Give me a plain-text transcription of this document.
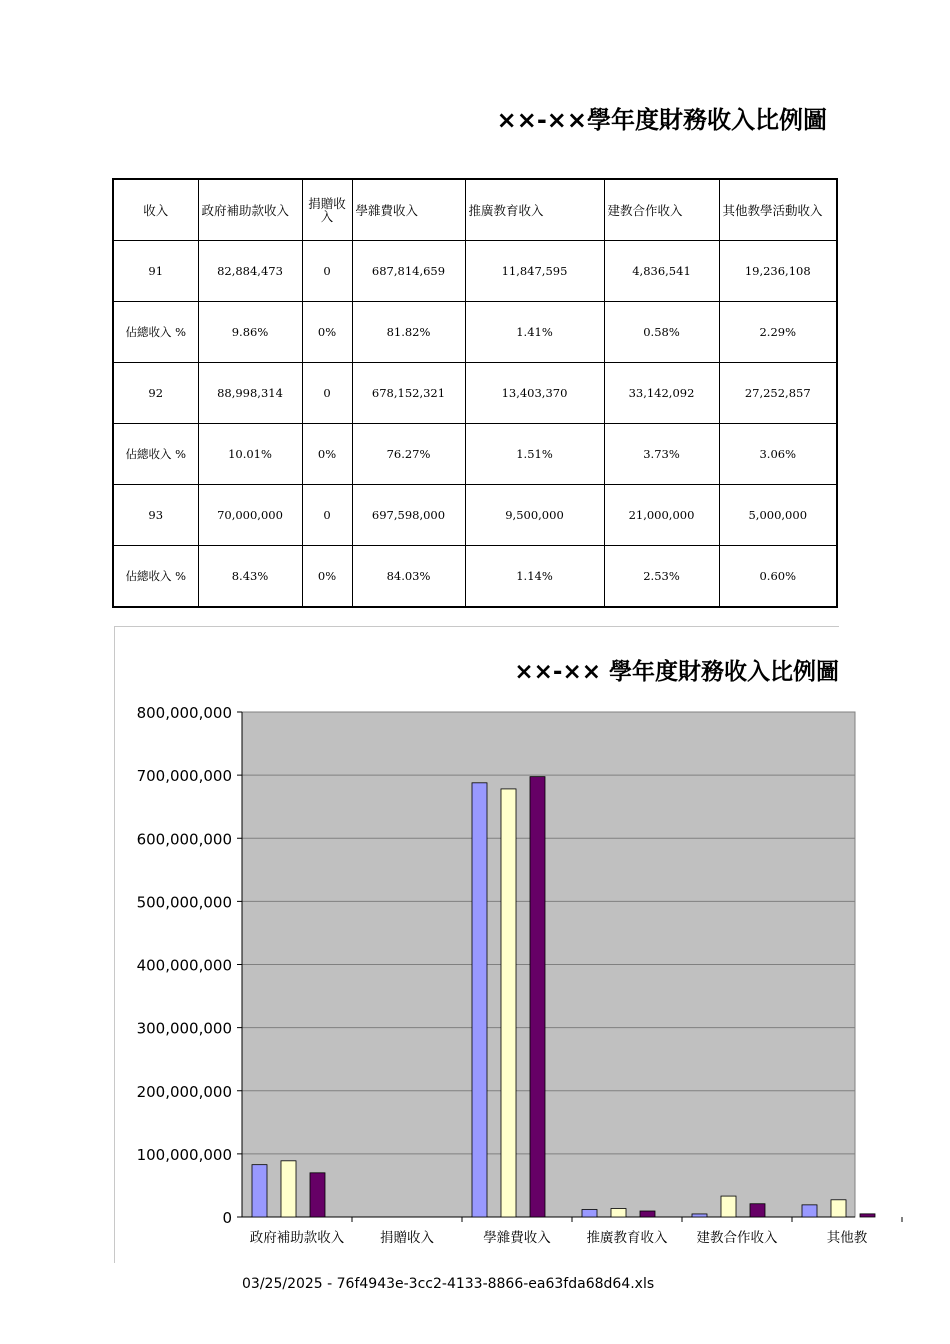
××-××學年度財務收入比例圖
收入	政府補助款收入	捐贈收入	學雜費收入	推廣教育收入	建教合作收入	其他教學活動收入
91	82,884,473	0	687,814,659	11,847,595	4,836,541	19,236,108
佔總收入 %	9.86%	0%	81.82%	1.41%	0.58%	2.29%
92	88,998,314	0	678,152,321	13,403,370	33,142,092	27,252,857
佔總收入 %	10.01%	0%	76.27%	1.51%	3.73%	3.06%
93	70,000,000	0	697,598,000	9,500,000	21,000,000	5,000,000
佔總收入 %	8.43%	0%	84.03%	1.14%	2.53%	0.60%
××-×× 學年度財務收入比例圖
800,000,000
700,000,000
600,000,000
500,000,000
400,000,000
300,000,000
200,000,000
100,000,000
0
政府補助款收入	捐贈收入	學雜費收入	推廣教育收入 建教合作收入	其他教
03/25/2025 - 76f4943e-3cc2-4133-8866-ea63fda68d64.xls
